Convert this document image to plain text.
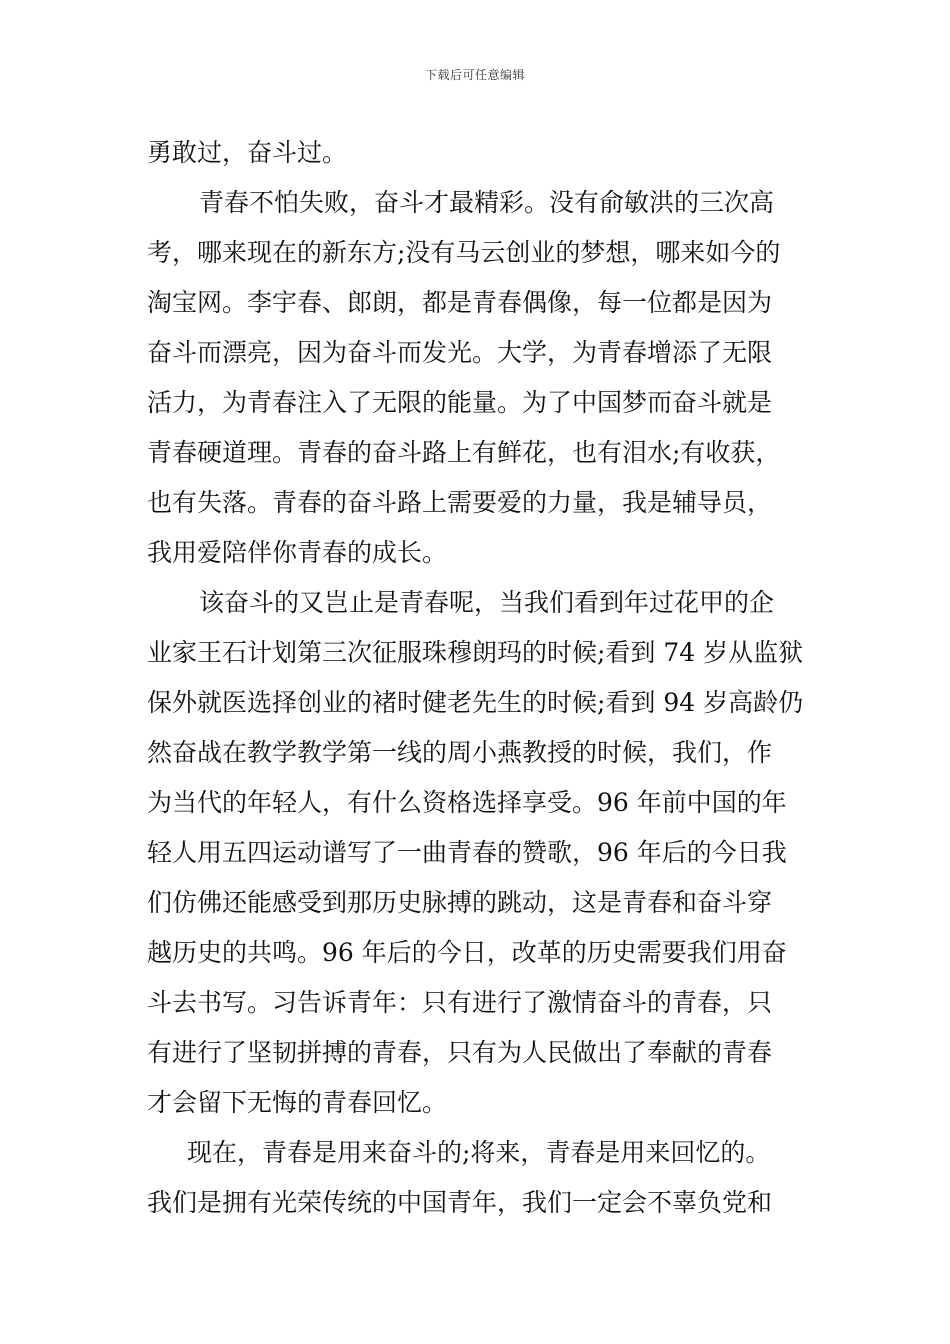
下载后可任意编辑
勇敢过，奋斗过。
青春不怕失败，奋斗才最精彩。没有俞敏洪的三次高
考，哪来现在的新东方;没有马云创业的梦想，哪来如今的
淘宝网。李宇春、郎朗，都是青春偶像，每一位都是因为
奋斗而漂亮，因为奋斗而发光。大学，为青春增添了无限
活力，为青春注入了无限的能量。为了中国梦而奋斗就是
青春硬道理。青春的奋斗路上有鲜花，也有泪水;有收获，
也有失落。青春的奋斗路上需要爱的力量，我是辅导员，
我用爱陪伴你青春的成长。
该奋斗的又岂止是青春呢，当我们看到年过花甲的企
业家王石计划第三次征服珠穆朗玛的时候;看到 74 岁从监狱
保外就医选择创业的褚时健老先生的时候;看到 94 岁高龄仍
然奋战在教学教学第一线的周小燕教授的时候，我们，作
为当代的年轻人，有什么资格选择享受。96 年前中国的年
轻人用五四运动谱写了一曲青春的赞歌，96 年后的今日我
们仿佛还能感受到那历史脉搏的跳动，这是青春和奋斗穿
越历史的共鸣。96 年后的今日，改革的历史需要我们用奋
斗去书写。习告诉青年：只有进行了激情奋斗的青春，只
有进行了坚韧拼搏的青春，只有为人民做出了奉献的青春
才会留下无悔的青春回忆。
现在，青春是用来奋斗的;将来，青春是用来回忆的。
我们是拥有光荣传统的中国青年，我们一定会不辜负党和
